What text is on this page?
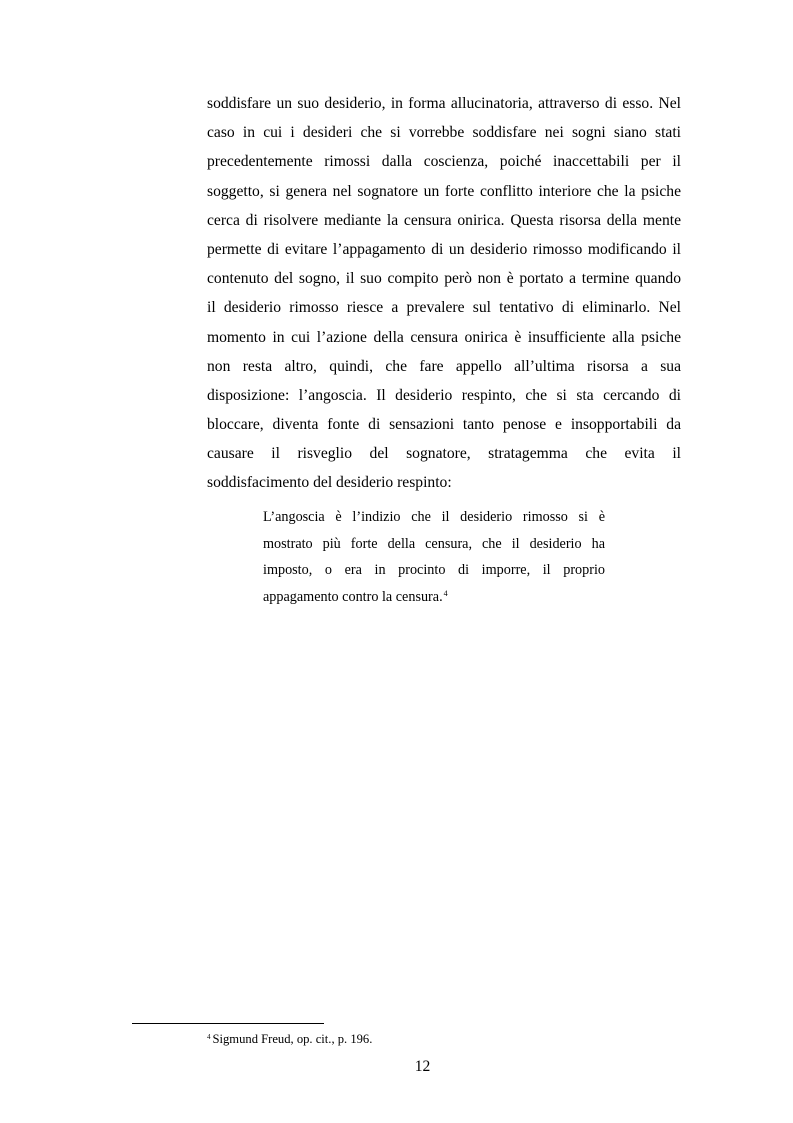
soddisfare un suo desiderio, in forma allucinatoria, attraverso di esso. Nel
caso in cui i desideri che si vorrebbe soddisfare nei sogni siano stati
precedentemente rimossi dalla coscienza, poiché inaccettabili per il
soggetto, si genera nel sognatore un forte conflitto interiore che la psiche
cerca di risolvere mediante la censura onirica. Questa risorsa della mente
permette di evitare l’appagamento di un desiderio rimosso modificando il
contenuto del sogno, il suo compito però non è portato a termine quando
il desiderio rimosso riesce a prevalere sul tentativo di eliminarlo. Nel
momento in cui l’azione della censura onirica è insufficiente alla psiche
non resta altro, quindi, che fare appello all’ultima risorsa a sua
disposizione: l’angoscia. Il desiderio respinto, che si sta cercando di
bloccare, diventa fonte di sensazioni tanto penose e insopportabili da
causare il risveglio del sognatore, stratagemma che evita il
soddisfacimento del desiderio respinto:
L’angoscia è l’indizio che il desiderio rimosso si è
mostrato più forte della censura, che il desiderio ha
imposto, o era in procinto di imporre, il proprio
appagamento contro la censura.$^4$
$^4$ Sigmund Freud, op. cit., p. 196.
12
